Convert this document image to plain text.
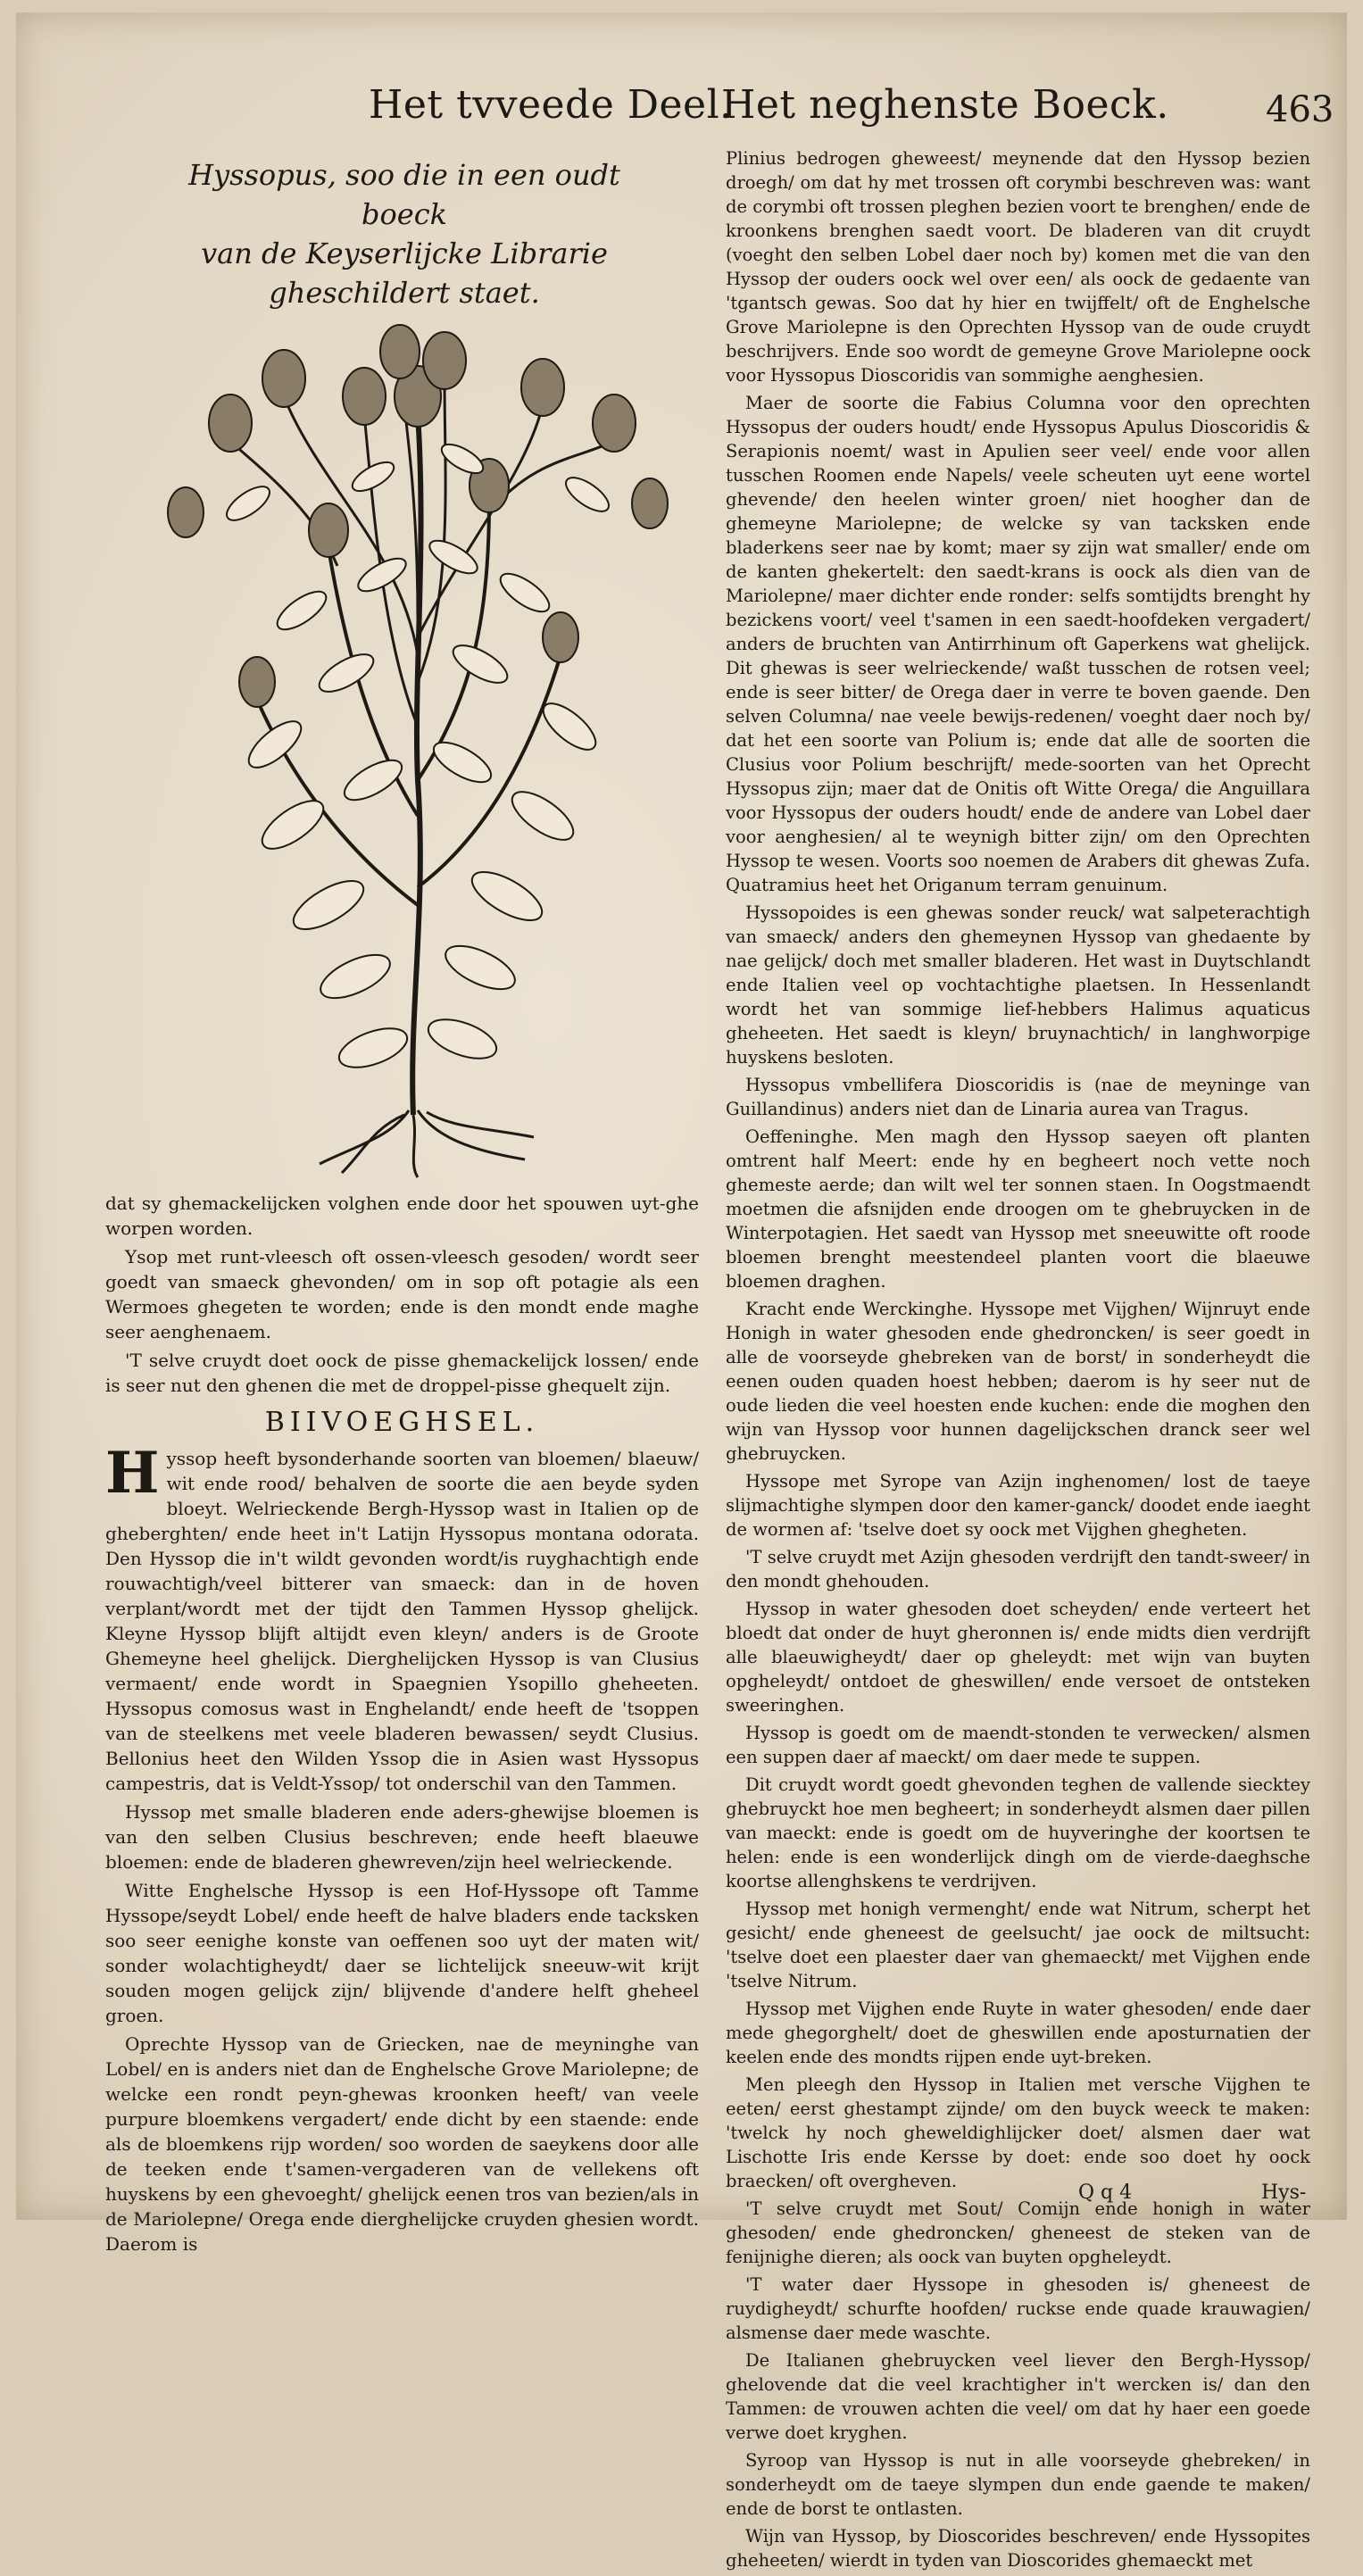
Het tvveede Deel.
Het neghenste Boeck.	463
Hyssopus, soo die in een oudt boeck
van de Keyserlijcke Librarie
gheschildert staet.

dat sy ghemackelijcken volghen ende door het spouwen uyt-ghe worpen worden.

Ysop met runt-vleesch oft ossen-vleesch gesoden/ wordt seer goedt van smaeck ghevonden/ om in sop oft potagie als een Wermoes ghegeten te worden; ende is den mondt ende maghe seer aenghenaem.

'T selve cruydt doet oock de pisse ghemackelijck lossen/ ende is seer nut den ghenen die met de droppel-pisse ghequelt zijn.

BIIVOEGHSEL.

Hyssop heeft bysonderhande soorten van bloemen/ blaeuw/ wit ende rood/ behalven de soorte die aen beyde syden bloeyt. Welrieckende Bergh-Hyssop wast in Italien op de gheberghten/ ende heet in't Latijn Hyssopus montana odorata. Den Hyssop die in't wildt gevonden wordt/is ruyghachtigh ende rouwachtigh/veel bitterer van smaeck: dan in de hoven verplant/wordt met der tijdt den Tammen Hyssop ghelijck. Kleyne Hyssop blijft altijdt even kleyn/ anders is de Groote Ghemeyne heel ghelijck. Dierghelijcken Hyssop is van Clusius vermaent/ ende wordt in Spaegnien Ysopillo gheheeten. Hyssopus comosus wast in Enghelandt/ ende heeft de 'tsoppen van de steelkens met veele bladeren bewassen/ seydt Clusius. Bellonius heet den Wilden Yssop die in Asien wast Hyssopus campestris, dat is Veldt-Yssop/ tot onderschil van den Tammen.

Hyssop met smalle bladeren ende aders-ghewijse bloemen is van den selben Clusius beschreven; ende heeft blaeuwe bloemen: ende de bladeren ghewreven/zijn heel welrieckende.

Witte Enghelsche Hyssop is een Hof-Hyssope oft Tamme Hyssope/seydt Lobel/ ende heeft de halve bladers ende tacksken soo seer eenighe konste van oeffenen soo uyt der maten wit/ sonder wolachtigheydt/ daer se lichtelijck sneeuw-wit krijt souden mogen gelijck zijn/ blijvende d'andere helft gheheel groen.

Oprechte Hyssop van de Griecken, nae de meyninghe van Lobel/ en is anders niet dan de Enghelsche Grove Mariolepne; de welcke een rondt peyn-ghewas kroonken heeft/ van veele purpure bloemkens vergadert/ ende dicht by een staende: ende als de bloemkens rijp worden/ soo worden de saeykens door alle de teeken ende t'samen-vergaderen van de vellekens oft huyskens by een ghevoeght/ ghelijck eenen tros van bezien/als in de Mariolepne/ Orega ende dierghelijcke cruyden ghesien wordt. Daerom is

Plinius bedrogen gheweest/ meynende dat den Hyssop bezien droegh/ om dat hy met trossen oft corymbi beschreven was: want de corymbi oft trossen pleghen bezien voort te brenghen/ ende de kroonkens brenghen saedt voort. De bladeren van dit cruydt (voeght den selben Lobel daer noch by) komen met die van den Hyssop der ouders oock wel over een/ als oock de gedaente van 'tgantsch gewas. Soo dat hy hier en twijffelt/ oft de Enghelsche Grove Mariolepne is den Oprechten Hyssop van de oude cruydt beschrijvers. Ende soo wordt de gemeyne Grove Mariolepne oock voor Hyssopus Dioscoridis van sommighe aenghesien.

Maer de soorte die Fabius Columna voor den oprechten Hyssopus der ouders houdt/ ende Hyssopus Apulus Dioscoridis & Serapionis noemt/ wast in Apulien seer veel/ ende voor allen tusschen Roomen ende Napels/ veele scheuten uyt eene wortel ghevende/ den heelen winter groen/ niet hoogher dan de ghemeyne Mariolepne; de welcke sy van tacksken ende bladerkens seer nae by komt; maer sy zijn wat smaller/ ende om de kanten ghekertelt: den saedt-krans is oock als dien van de Mariolepne/ maer dichter ende ronder: selfs somtijdts brenght hy bezickens voort/ veel t'samen in een saedt-hoofdeken vergadert/ anders de bruchten van Antirrhinum oft Gaperkens wat ghelijck. Dit ghewas is seer welrieckende/ waßt tusschen de rotsen veel; ende is seer bitter/ de Orega daer in verre te boven gaende. Den selven Columna/ nae veele bewijs-redenen/ voeght daer noch by/ dat het een soorte van Polium is; ende dat alle de soorten die Clusius voor Polium beschrijft/ mede-soorten van het Oprecht Hyssopus zijn; maer dat de Onitis oft Witte Orega/ die Anguillara voor Hyssopus der ouders houdt/ ende de andere van Lobel daer voor aenghesien/ al te weynigh bitter zijn/ om den Oprechten Hyssop te wesen. Voorts soo noemen de Arabers dit ghewas Zufa. Quatramius heet het Origanum terram genuinum.

Hyssopoides is een ghewas sonder reuck/ wat salpeterachtigh van smaeck/ anders den ghemeynen Hyssop van ghedaente by nae gelijck/ doch met smaller bladeren. Het wast in Duytschlandt ende Italien veel op vochtachtighe plaetsen. In Hessenlandt wordt het van sommige lief-hebbers Halimus aquaticus gheheeten. Het saedt is kleyn/ bruynachtich/ in langhworpige huyskens besloten.

Hyssopus vmbellifera Dioscoridis is (nae de meyninge van Guillandinus) anders niet dan de Linaria aurea van Tragus.

Oeffeninghe. Men magh den Hyssop saeyen oft planten omtrent half Meert: ende hy en begheert noch vette noch ghemeste aerde; dan wilt wel ter sonnen staen. In Oogstmaendt moetmen die afsnijden ende droogen om te ghebruycken in de Winterpotagien. Het saedt van Hyssop met sneeuwitte oft roode bloemen brenght meestendeel planten voort die blaeuwe bloemen draghen.

Kracht ende Werckinghe. Hyssope met Vijghen/ Wijnruyt ende Honigh in water ghesoden ende ghedroncken/ is seer goedt in alle de voorseyde ghebreken van de borst/ in sonderheydt die eenen ouden quaden hoest hebben; daerom is hy seer nut de oude lieden die veel hoesten ende kuchen: ende die moghen den wijn van Hyssop voor hunnen dagelijckschen dranck seer wel ghebruycken.

Hyssope met Syrope van Azijn inghenomen/ lost de taeye slijmachtighe slympen door den kamer-ganck/ doodet ende iaeght de wormen af: 'tselve doet sy oock met Vijghen ghegheten.

'T selve cruydt met Azijn ghesoden verdrijft den tandt-sweer/ in den mondt ghehouden.

Hyssop in water ghesoden doet scheyden/ ende verteert het bloedt dat onder de huyt gheronnen is/ ende midts dien verdrijft alle blaeuwigheydt/ daer op gheleydt: met wijn van buyten opgheleydt/ ontdoet de gheswillen/ ende versoet de ontsteken sweeringhen.

Hyssop is goedt om de maendt-stonden te verwecken/ alsmen een suppen daer af maeckt/ om daer mede te suppen.

Dit cruydt wordt goedt ghevonden teghen de vallende siecktey ghebruyckt hoe men begheert; in sonderheydt alsmen daer pillen van maeckt: ende is goedt om de huyveringhe der koortsen te helen: ende is een wonderlijck dingh om de vierde-daeghsche koortse allenghskens te verdrijven.

Hyssop met honigh vermenght/ ende wat Nitrum, scherpt het gesicht/ ende gheneest de geelsucht/ jae oock de miltsucht: 'tselve doet een plaester daer van ghemaeckt/ met Vijghen ende 'tselve Nitrum.

Hyssop met Vijghen ende Ruyte in water ghesoden/ ende daer mede ghegorghelt/ doet de gheswillen ende aposturnatien der keelen ende des mondts rijpen ende uyt-breken.

Men pleegh den Hyssop in Italien met versche Vijghen te eeten/ eerst ghestampt zijnde/ om den buyck weeck te maken: 'twelck hy noch gheweldighlijcker doet/ alsmen daer wat Lischotte Iris ende Kersse by doet: ende soo doet hy oock braecken/ oft overgheven.

'T selve cruydt met Sout/ Comijn ende honigh in water ghesoden/ ende ghedroncken/ gheneest de steken van de fenijnighe dieren; als oock van buyten opgheleydt.

'T water daer Hyssope in ghesoden is/ gheneest de ruydigheydt/ schurfte hoofden/ ruckse ende quade krauwagien/ alsmense daer mede waschte.

De Italianen ghebruycken veel liever den Bergh-Hyssop/ ghelovende dat die veel krachtigher in't wercken is/ dan den Tammen: de vrouwen achten die veel/ om dat hy haer een goede verwe doet kryghen.

Syroop van Hyssop is nut in alle voorseyde ghebreken/ in sonderheydt om de taeye slympen dun ende gaende te maken/ ende de borst te ontlasten.

Wijn van Hyssop, by Dioscorides beschreven/ ende Hyssopites gheheeten/ wierdt in tyden van Dioscorides ghemaeckt met

Q q 4	Hys-
